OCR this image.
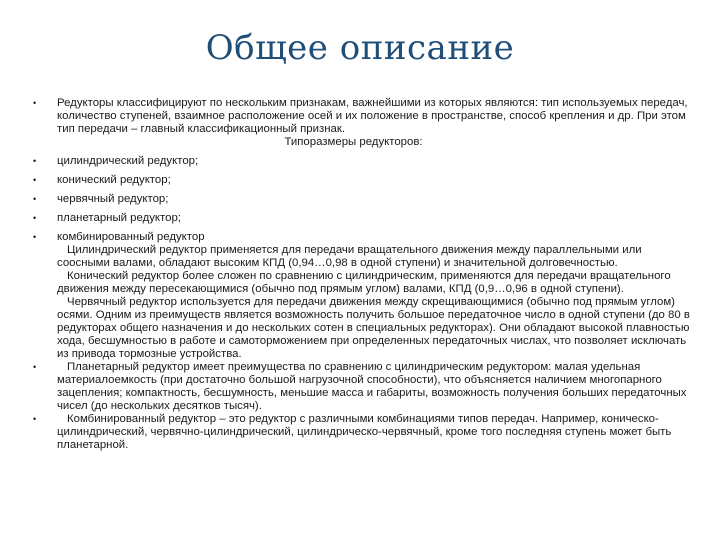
Общее описание
• Редукторы классифицируют по нескольким признакам, важнейшими из которых являются: тип используемых передач, количество ступеней, взаимное расположение осей и их положение в пространстве, способ крепления и др. При этом тип передачи – главный классификационный признак.
Типоразмеры редукторов:
• цилиндрический редуктор;
• конический редуктор;
• червячный редуктор;
• планетарный редуктор;
• комбинированный редуктор
Цилиндрический редуктор применяется для передачи вращательного движения между параллельными или соосными валами, обладают высоким КПД (0,94…0,98 в одной ступени) и значительной долговечностью.
Конический редуктор более сложен по сравнению с цилиндрическим, применяются для передачи вращательного движения между пересекающимися (обычно под прямым углом) валами, КПД (0,9…0,96 в одной ступени).
Червячный редуктор используется для передачи движения между скрещивающимися (обычно под прямым углом) осями. Одним из преимуществ является возможность получить большое передаточное число в одной ступени (до 80 в редукторах общего назначения и до нескольких сотен в специальных редукторах). Они обладают высокой плавностью хода, бесшумностью в работе и самоторможением при определенных передаточных числах, что позволяет исключать из привода тормозные устройства.
•	Планетарный редуктор имеет преимущества по сравнению с цилиндрическим редуктором: малая удельная материалоемкость (при достаточно большой нагрузочной способности), что объясняется наличием многопарного зацепления; компактность, бесшумность, меньшие масса и габариты, возможность получения больших передаточных чисел (до нескольких десятков тысяч).
•	Комбинированный редуктор – это редуктор с различными комбинациями типов передач. Например, коническо-цилиндрический, червячно-цилиндрический, цилиндрическо-червячный, кроме того последняя ступень может быть планетарной.
